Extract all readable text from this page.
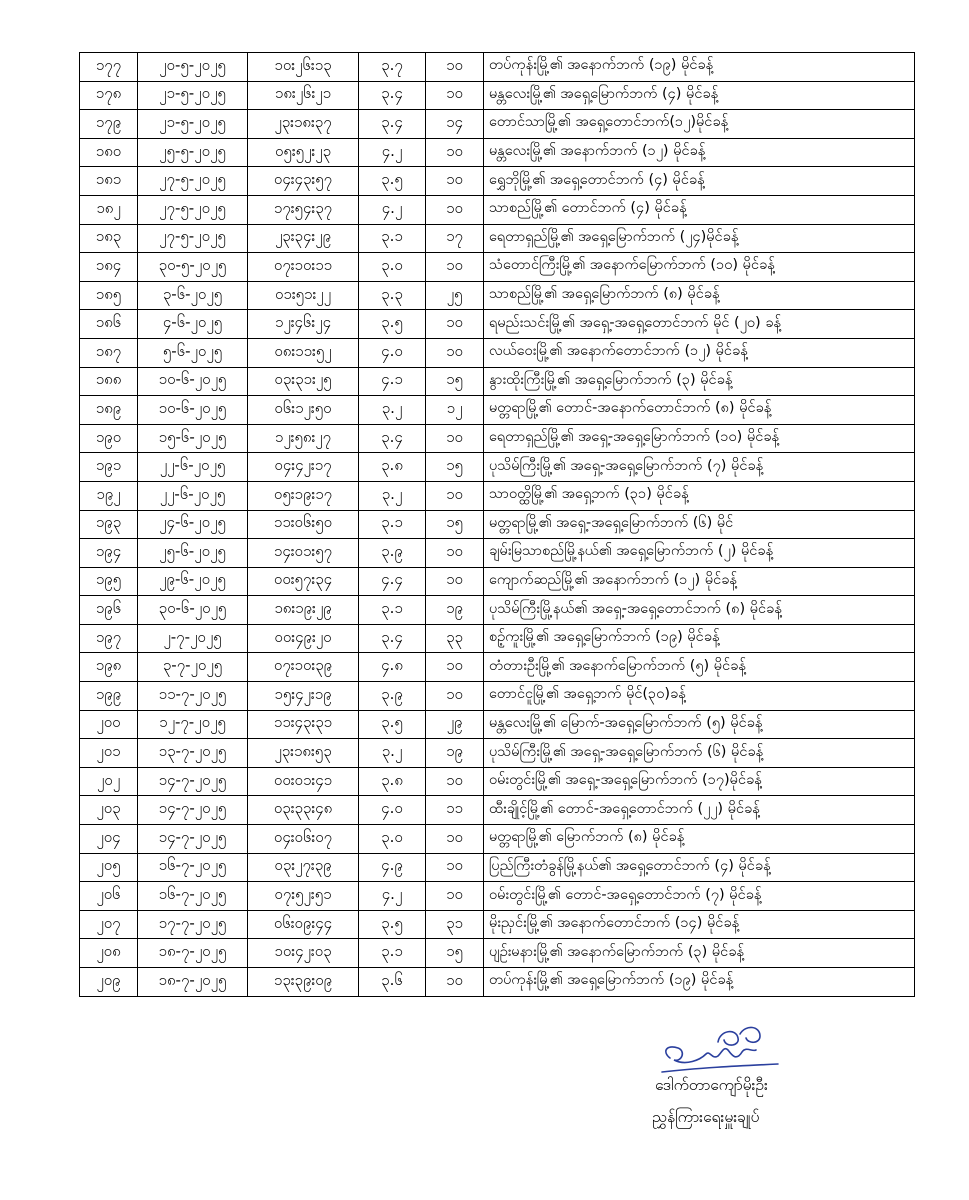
၁၇၇	၂၀-၅-၂၀၂၅	၁၀း၂၆း၁၃	၃.၇	၁၀	တပ်ကုန်းမြို့၏ အနောက်ဘက် (၁၉) မိုင်ခန့်
၁၇၈	၂၁-၅-၂၀၂၅	၁၈း၂၆း၂၁	၃.၄	၁၀	မန္တလေးမြို့၏ အရှေ့မြောက်ဘက် (၄) မိုင်ခန့်
၁၇၉	၂၁-၅-၂၀၂၅	၂၃း၁၈း၃၇	၃.၄	၁၄	တောင်သာမြို့၏ အရှေ့တောင်ဘက်(၁၂)မိုင်ခန့်
၁၈၀	၂၅-၅-၂၀၂၅	၀၅း၅၂း၂၃	၄.၂	၁၀	မန္တလေးမြို့၏ အနောက်ဘက် (၁၂) မိုင်ခန့်
၁၈၁	၂၇-၅-၂၀၂၅	၀၄း၄၃း၅၇	၃.၅	၁၀	ရွှေဘိုမြို့၏ အရှေ့တောင်ဘက် (၄) မိုင်ခန့်
၁၈၂	၂၇-၅-၂၀၂၅	၁၇း၅၄း၃၇	၄.၂	၁၀	သာစည်မြို့၏ တောင်ဘက် (၄) မိုင်ခန့်
၁၈၃	၂၇-၅-၂၀၂၅	၂၃း၃၄း၂၉	၃.၁	၁၇	ရေတာရှည်မြို့၏ အရှေ့မြောက်ဘက် (၂၄)မိုင်ခန့်
၁၈၄	၃၀-၅-၂၀၂၅	၀၇း၁၀း၁၁	၃.၀	၁၀	သံတောင်ကြီးမြို့၏ အနောက်မြောက်ဘက် (၁၀) မိုင်ခန့်
၁၈၅	၃-၆-၂၀၂၅	၀၁း၅၁း၂၂	၃.၃	၂၅	သာစည်မြို့၏ အရှေ့မြောက်ဘက် (၈) မိုင်ခန့်
၁၈၆	၄-၆-၂၀၂၅	၁၂း၄၆း၂၄	၃.၅	၁၀	ရမည်းသင်းမြို့၏ အရှေ့-အရှေ့တောင်ဘက် မိုင် (၂၀) ခန့်
၁၈၇	၅-၆-၂၀၂၅	၀၈း၁၁း၅၂	၄.၀	၁၀	လယ်ဝေးမြို့၏ အနောက်တောင်ဘက် (၁၂) မိုင်ခန့်
၁၈၈	၁၀-၆-၂၀၂၅	၀၃း၃၁း၂၅	၄.၁	၁၅	နွားထိုးကြီးမြို့၏ အရှေ့မြောက်ဘက် (၃) မိုင်ခန့်
၁၈၉	၁၀-၆-၂၀၂၅	၀၆း၁၂း၅၀	၃.၂	၁၂	မတ္တရာမြို့၏ တောင်-အနောက်တောင်ဘက် (၈) မိုင်ခန့်
၁၉၀	၁၅-၆-၂၀၂၅	၁၂း၅၈း၂၇	၃.၄	၁၀	ရေတာရှည်မြို့၏ အရှေ့-အရှေ့မြောက်ဘက် (၁၀) မိုင်ခန့်
၁၉၁	၂၂-၆-၂၀၂၅	၀၄း၄၂း၁၇	၃.၈	၁၅	ပုသိမ်ကြီးမြို့၏ အရှေ့-အရှေ့မြောက်ဘက် (၇) မိုင်ခန့်
၁၉၂	၂၂-၆-၂၀၂၅	၀၅း၁၉း၁၇	၃.၂	၁၀	သာဝတ္ထိမြို့၏ အရှေ့ဘက် (၃၁) မိုင်ခန့်
၁၉၃	၂၄-၆-၂၀၂၅	၁၁း၀၆း၅၀	၃.၁	၁၅	မတ္တရာမြို့၏ အရှေ့-အရှေ့မြောက်ဘက် (၆) မိုင်
၁၉၄	၂၅-၆-၂၀၂၅	၁၄း၀၁း၅၇	၃.၉	၁၀	ချမ်းမြသာစည်မြို့နယ်၏ အရှေ့မြောက်ဘက် (၂) မိုင်ခန့်
၁၉၅	၂၉-၆-၂၀၂၅	၀၀း၅၇း၃၄	၄.၄	၁၀	ကျောက်ဆည်မြို့၏ အနောက်ဘက် (၁၂) မိုင်ခန့်
၁၉၆	၃၀-၆-၂၀၂၅	၁၈း၁၉း၂၉	၃.၁	၁၉	ပုသိမ်ကြီးမြို့နယ်၏ အရှေ့-အရှေ့တောင်ဘက် (၈) မိုင်ခန့်
၁၉၇	၂-၇-၂၀၂၅	၀၀း၄၉း၂၀	၃.၄	၃၃	စဥ့်ကူးမြို့၏ အရှေ့မြောက်ဘက် (၁၉) မိုင်ခန့်
၁၉၈	၃-၇-၂၀၂၅	၀၇း၁၀း၃၉	၄.၈	၁၀	တံတားဦးမြို့၏ အနောက်မြောက်ဘက် (၅) မိုင်ခန့်
၁၉၉	၁၁-၇-၂၀၂၅	၁၅း၄၂း၁၉	၃.၉	၁၀	တောင်ငူမြို့၏ အရှေ့ဘက် မိုင်(၃၀)ခန့်
၂၀၀	၁၂-၇-၂၀၂၅	၁၁း၄၃း၃၁	၃.၅	၂၉	မန္တလေးမြို့၏ မြောက်-အရှေ့မြောက်ဘက် (၅) မိုင်ခန့်
၂၀၁	၁၃-၇-၂၀၂၅	၂၃း၁၈း၅၃	၃.၂	၁၉	ပုသိမ်ကြီးမြို့၏ အရှေ့-အရှေ့မြောက်ဘက် (၆) မိုင်ခန့်
၂၀၂	၁၄-၇-၂၀၂၅	၀၀း၀၁း၄၁	၃.၈	၁၀	ဝမ်းတွင်းမြို့၏ အရှေ့-အရှေ့မြောက်ဘက် (၁၇)မိုင်ခန့်
၂၀၃	၁၄-၇-၂၀၂၅	၀၃း၃၃း၄၈	၄.၀	၁၁	ထီးချိုင့်မြို့၏ တောင်-အရှေ့တောင်ဘက် (၂၂) မိုင်ခန့်
၂၀၄	၁၄-၇-၂၀၂၅	၀၄း၀၆း၀၇	၃.၀	၁၀	မတ္တရာမြို့၏ မြောက်ဘက် (၈) မိုင်ခန့်
၂၀၅	၁၆-၇-၂၀၂၅	၀၃း၂၇း၃၉	၄.၉	၁၀	ပြည်ကြီးတံခွန်မြို့နယ်၏ အရှေ့တောင်ဘက် (၄) မိုင်ခန့်
၂၀၆	၁၆-၇-၂၀၂၅	၀၇း၅၂း၅၁	၄.၂	၁၀	ဝမ်းတွင်းမြို့၏ တောင်-အရှေ့တောင်ဘက် (၇) မိုင်ခန့်
၂၀၇	၁၇-၇-၂၀၂၅	၀၆း၀၉း၄၄	၃.၅	၃၁	မိုးညှင်းမြို့၏ အနောက်တောင်ဘက် (၁၄) မိုင်ခန့်
၂၀၈	၁၈-၇-၂၀၂၅	၁၀း၄၂း၀၃	၃.၁	၁၅	ပျဉ်းမနားမြို့၏ အနောက်မြောက်ဘက် (၃) မိုင်ခန့်
၂၀၉	၁၈-၇-၂၀၂၅	၁၃း၃၉း၀၉	၃.၆	၁၀	တပ်ကုန်းမြို့၏ အရှေ့မြောက်ဘက် (၁၉) မိုင်ခန့်
ဒေါက်တာကျော်မိုးဦး
ညွှန်ကြားရေးမှူးချုပ်
